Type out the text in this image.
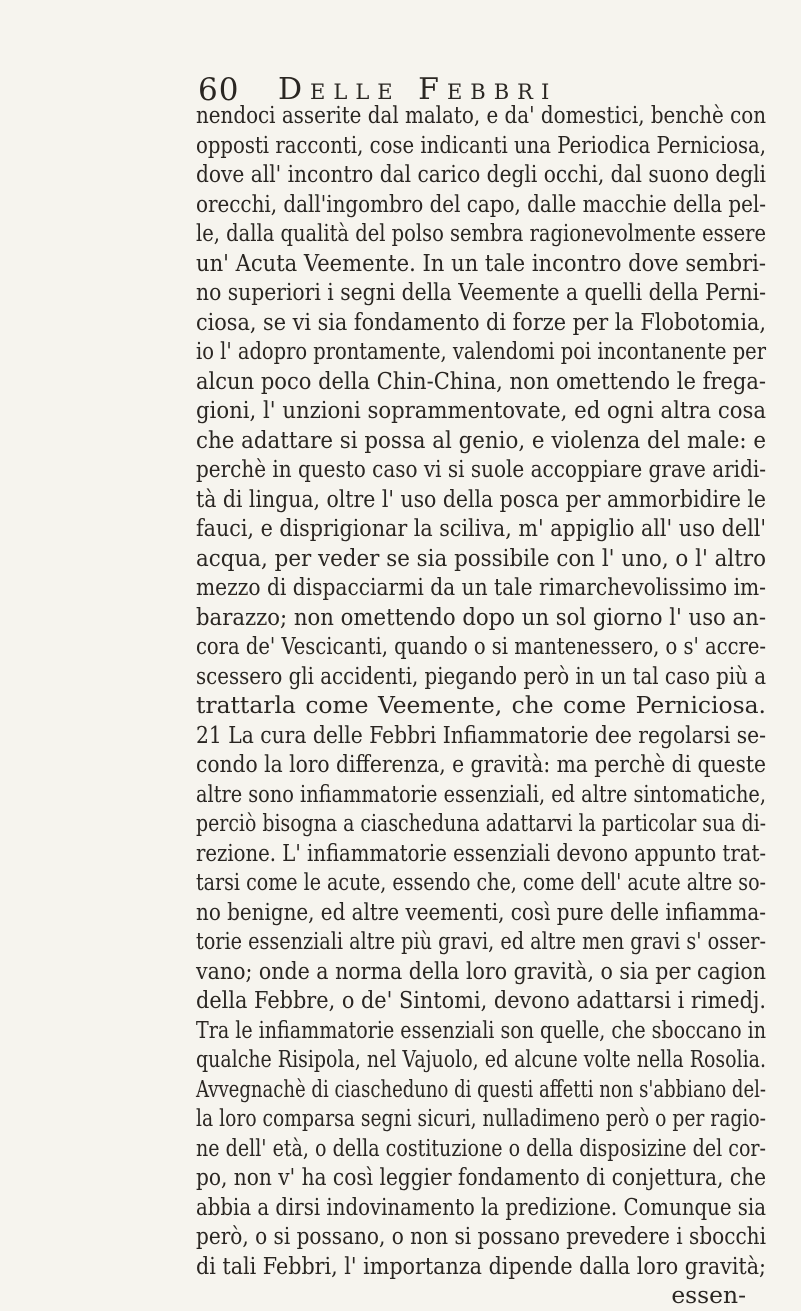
60 Delle Febbri
nendoci asserite dal malato, e da' domestici, benchè con
opposti racconti, cose indicanti una Periodica Perniciosa,
dove all' incontro dal carico degli occhi, dal suono degli
orecchi, dall'ingombro del capo, dalle macchie della pel-
le, dalla qualità del polso sembra ragionevolmente essere
un' Acuta Veemente. In un tale incontro dove sembri-
no superiori i segni della Veemente a quelli della Perni-
ciosa, se vi sia fondamento di forze per la Flobotomia,
io l' adopro prontamente, valendomi poi incontanente per
alcun poco della Chin-China, non omettendo le frega-
gioni, l' unzioni soprammentovate, ed ogni altra cosa
che adattare si possa al genio, e violenza del male: e
perchè in questo caso vi si suole accoppiare grave aridi-
tà di lingua, oltre l' uso della posca per ammorbidire le
fauci, e disprigionar la sciliva, m' appiglio all' uso dell'
acqua, per veder se sia possibile con l' uno, o l' altro
mezzo di dispacciarmi da un tale rimarchevolissimo im-
barazzo; non omettendo dopo un sol giorno l' uso an-
cora de' Vescicanti, quando o si mantenessero, o s' accre-
scessero gli accidenti, piegando però in un tal caso più a
trattarla come Veemente, che come Perniciosa.
21 La cura delle Febbri Infiammatorie dee regolarsi se-
condo la loro differenza, e gravità: ma perchè di queste
altre sono infiammatorie essenziali, ed altre sintomatiche,
perciò bisogna a ciascheduna adattarvi la particolar sua di-
rezione. L' infiammatorie essenziali devono appunto trat-
tarsi come le acute, essendo che, come dell' acute altre so-
no benigne, ed altre veementi, così pure delle infiamma-
torie essenziali altre più gravi, ed altre men gravi s' osser-
vano; onde a norma della loro gravità, o sia per cagion
della Febbre, o de' Sintomi, devono adattarsi i rimedj.
Tra le infiammatorie essenziali son quelle, che sboccano in
qualche Risipola, nel Vajuolo, ed alcune volte nella Rosolia.
Avvegnachè di ciascheduno di questi affetti non s'abbiano del-
la loro comparsa segni sicuri, nulladimeno però o per ragio-
ne dell' età, o della costituzione o della disposizine del cor-
po, non v' ha così leggier fondamento di conjettura, che
abbia a dirsi indovinamento la predizione. Comunque sia
però, o si possano, o non si possano prevedere i sbocchi
di tali Febbri, l' importanza dipende dalla loro gravità;
essen-
